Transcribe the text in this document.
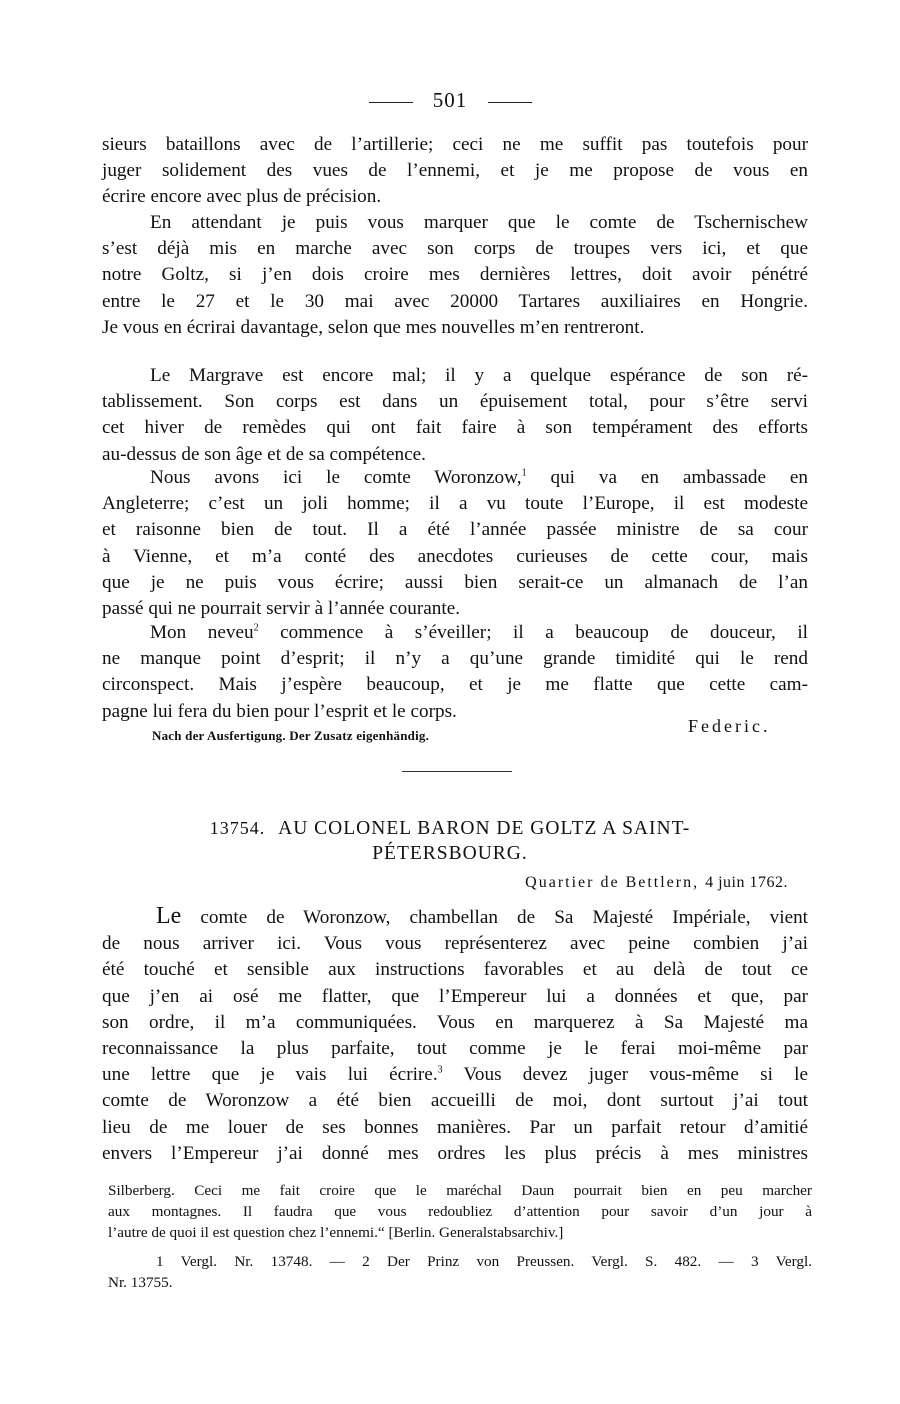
501
sieurs bataillons avec de l’artillerie; ceci ne me suffit pas toutefois pour
juger solidement des vues de l’ennemi, et je me propose de vous en
écrire encore avec plus de précision.
En attendant je puis vous marquer que le comte de Tschernischew
s’est déjà mis en marche avec son corps de troupes vers ici, et que
notre Goltz, si j’en dois croire mes dernières lettres, doit avoir pénétré
entre le 27 et le 30 mai avec 20000 Tartares auxiliaires en Hongrie.
Je vous en écrirai davantage, selon que mes nouvelles m’en rentreront.
Le Margrave est encore mal; il y a quelque espérance de son ré-
tablissement. Son corps est dans un épuisement total, pour s’être servi
cet hiver de remèdes qui ont fait faire à son tempérament des efforts
au-dessus de son âge et de sa compétence.
Nous avons ici le comte Woronzow,$^1$ qui va en ambassade en
Angleterre; c’est un joli homme; il a vu toute l’Europe, il est modeste
et raisonne bien de tout. Il a été l’année passée ministre de sa cour
à Vienne, et m’a conté des anecdotes curieuses de cette cour, mais
que je ne puis vous écrire; aussi bien serait-ce un almanach de l’an
passé qui ne pourrait servir à l’année courante.
Mon neveu$^2$ commence à s’éveiller; il a beaucoup de douceur, il
ne manque point d’esprit; il n’y a qu’une grande timidité qui le rend
circonspect. Mais j’espère beaucoup, et je me flatte que cette cam-
pagne lui fera du bien pour l’esprit et le corps.
Nach der Ausfertigung. Der Zusatz eigenhändig.	Federic.
13754. AU COLONEL BARON DE GOLTZ A SAINT-
PÉTERSBOURG.
Quartier de Bettlern, 4 juin 1762.
Le comte de Woronzow, chambellan de Sa Majesté Impériale, vient
de nous arriver ici. Vous vous représenterez avec peine combien j’ai
été touché et sensible aux instructions favorables et au delà de tout ce
que j’en ai osé me flatter, que l’Empereur lui a données et que, par
son ordre, il m’a communiquées. Vous en marquerez à Sa Majesté ma
reconnaissance la plus parfaite, tout comme je le ferai moi-même par
une lettre que je vais lui écrire.$^3$ Vous devez juger vous-même si le
comte de Woronzow a été bien accueilli de moi, dont surtout j’ai tout
lieu de me louer de ses bonnes manières. Par un parfait retour d’amitié
envers l’Empereur j’ai donné mes ordres les plus précis à mes ministres
Silberberg. Ceci me fait croire que le maréchal Daun pourrait bien en peu marcher
aux montagnes. Il faudra que vous redoubliez d’attention pour savoir d’un jour à
l’autre de quoi il est question chez l’ennemi.“ [Berlin. Generalstabsarchiv.]
1 Vergl. Nr. 13748. — 2 Der Prinz von Preussen. Vergl. S. 482. — 3 Vergl.
Nr. 13755.
